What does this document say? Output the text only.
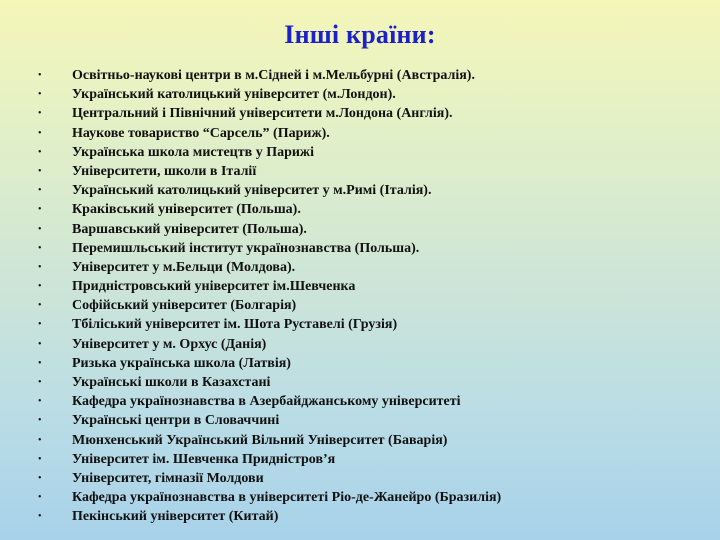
Інші країни:
• Освітньо-наукові центри в м.Сідней і м.Мельбурні (Австралія).
• Український католицький університет (м.Лондон).
• Центральний і Північний університети м.Лондона (Англія).
• Наукове товариство “Сарсель” (Париж).
• Українська школа мистецтв у Парижі
• Університети, школи в Італії
• Український католицький університет у м.Римі (Італія).
• Краківський університет (Польша).
• Варшавський університет (Польша).
• Перемишльський інститут українознавства (Польша).
• Університет у м.Бельци (Молдова).
• Придністровський університет ім.Шевченка
• Софійський університет (Болгарія)
• Тбіліський університет ім. Шота Руставелі (Грузія)
• Університет у м. Орхус (Данія)
• Ризька українська школа (Латвія)
• Українські школи в Казахстані
• Кафедра українознавства в Азербайджанському університеті
• Українські центри в Словаччині
• Мюнхенський Український Вільний Університет (Баварія)
• Університет ім. Шевченка Придністров’я
• Університет, гімназії Молдови
• Кафедра українознавства в університеті Ріо-де-Жанейро (Бразилія)
• Пекінський університет (Китай)
